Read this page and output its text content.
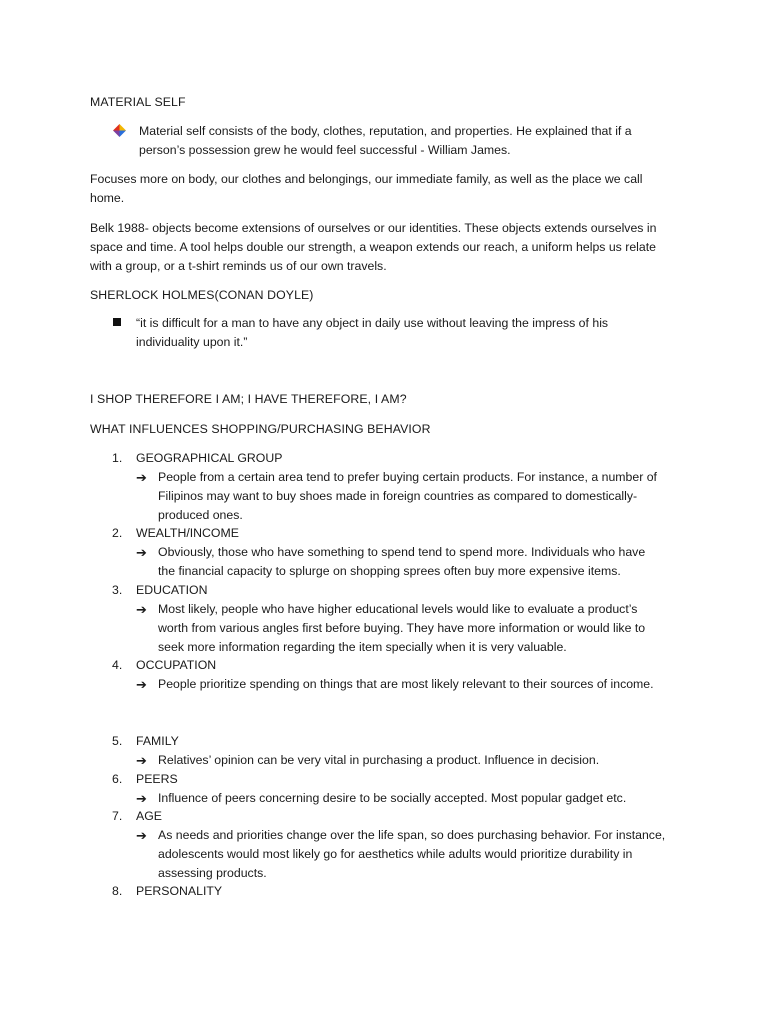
MATERIAL SELF
Material self consists of the body, clothes, reputation, and properties. He explained that if a
person’s possession grew he would feel successful - William James.
Focuses more on body, our clothes and belongings, our immediate family, as well as the place we call
home.
Belk 1988- objects become extensions of ourselves or our identities. These objects extends ourselves in
space and time. A tool helps double our strength, a weapon extends our reach, a uniform helps us relate
with a group, or a t-shirt reminds us of our own travels.
SHERLOCK HOLMES(CONAN DOYLE)
“it is difficult for a man to have any object in daily use without leaving the impress of his
individuality upon it.”
I SHOP THEREFORE I AM; I HAVE THEREFORE, I AM?
WHAT INFLUENCES SHOPPING/PURCHASING BEHAVIOR
1. GEOGRAPHICAL GROUP
➔ People from a certain area tend to prefer buying certain products. For instance, a number of
Filipinos may want to buy shoes made in foreign countries as compared to domestically-
produced ones.
2. WEALTH/INCOME
➔ Obviously, those who have something to spend tend to spend more. Individuals who have
the financial capacity to splurge on shopping sprees often buy more expensive items.
3. EDUCATION
➔ Most likely, people who have higher educational levels would like to evaluate a product’s
worth from various angles first before buying. They have more information or would like to
seek more information regarding the item specially when it is very valuable.
4. OCCUPATION
➔ People prioritize spending on things that are most likely relevant to their sources of income.
5. FAMILY
➔ Relatives’ opinion can be very vital in purchasing a product. Influence in decision.
6. PEERS
➔ Influence of peers concerning desire to be socially accepted. Most popular gadget etc.
7. AGE
➔ As needs and priorities change over the life span, so does purchasing behavior. For instance,
adolescents would most likely go for aesthetics while adults would prioritize durability in
assessing products.
8. PERSONALITY
